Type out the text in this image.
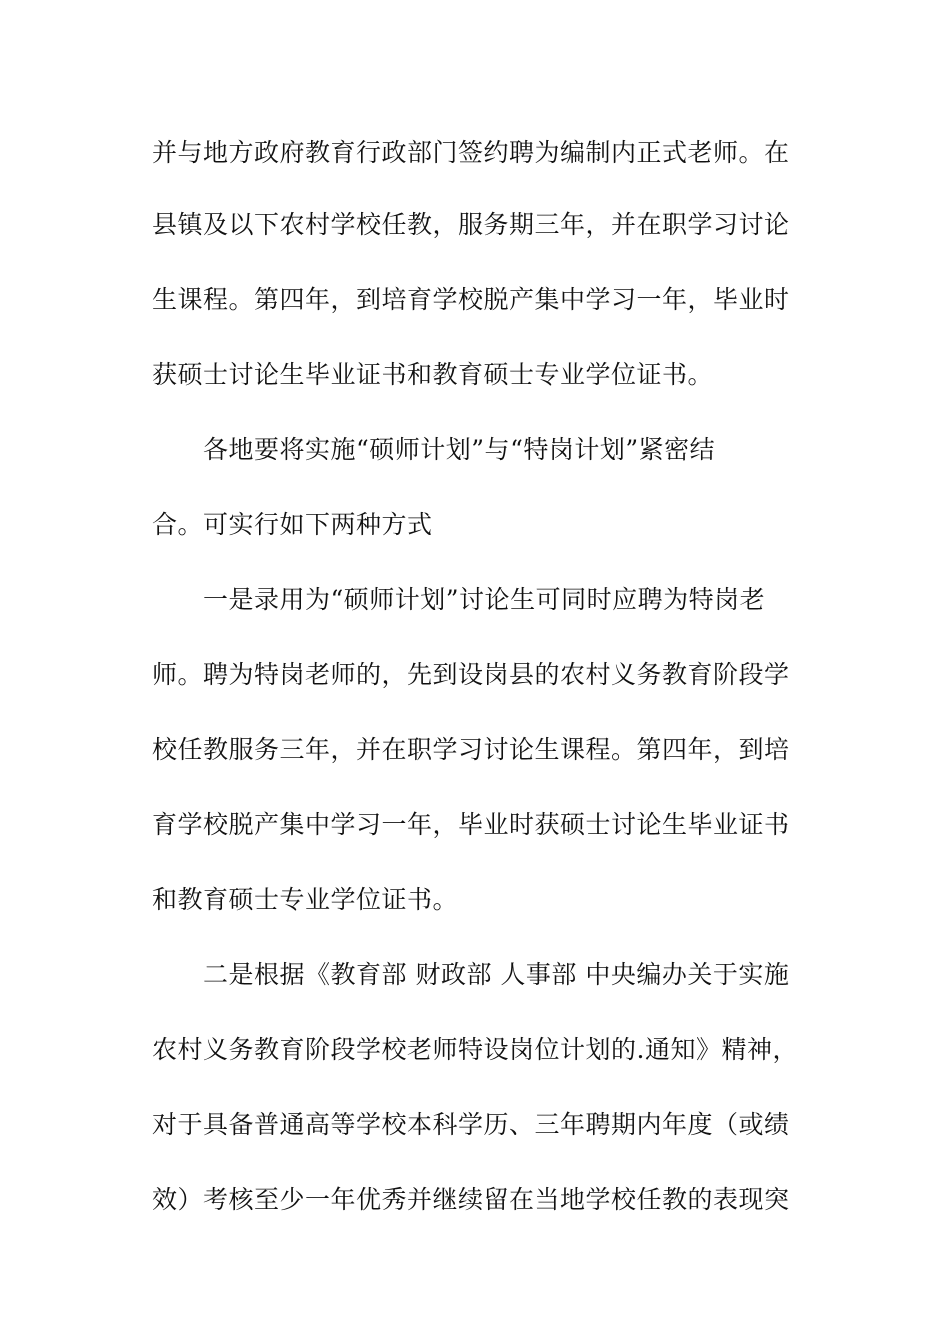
并与地方政府教育行政部门签约聘为编制内正式老师。在
县镇及以下农村学校任教，服务期三年，并在职学习讨论
生课程。第四年，到培育学校脱产集中学习一年，毕业时
获硕士讨论生毕业证书和教育硕士专业学位证书。
各地要将实施“硕师计划”与“特岗计划”紧密结
合。可实行如下两种方式
一是录用为“硕师计划”讨论生可同时应聘为特岗老
师。聘为特岗老师的，先到设岗县的农村义务教育阶段学
校任教服务三年，并在职学习讨论生课程。第四年，到培
育学校脱产集中学习一年，毕业时获硕士讨论生毕业证书
和教育硕士专业学位证书。
二是根据《教育部 财政部 人事部 中央编办关于实施
农村义务教育阶段学校老师特设岗位计划的.通知》精神，
对于具备普通高等学校本科学历、三年聘期内年度（或绩
效）考核至少一年优秀并继续留在当地学校任教的表现突
